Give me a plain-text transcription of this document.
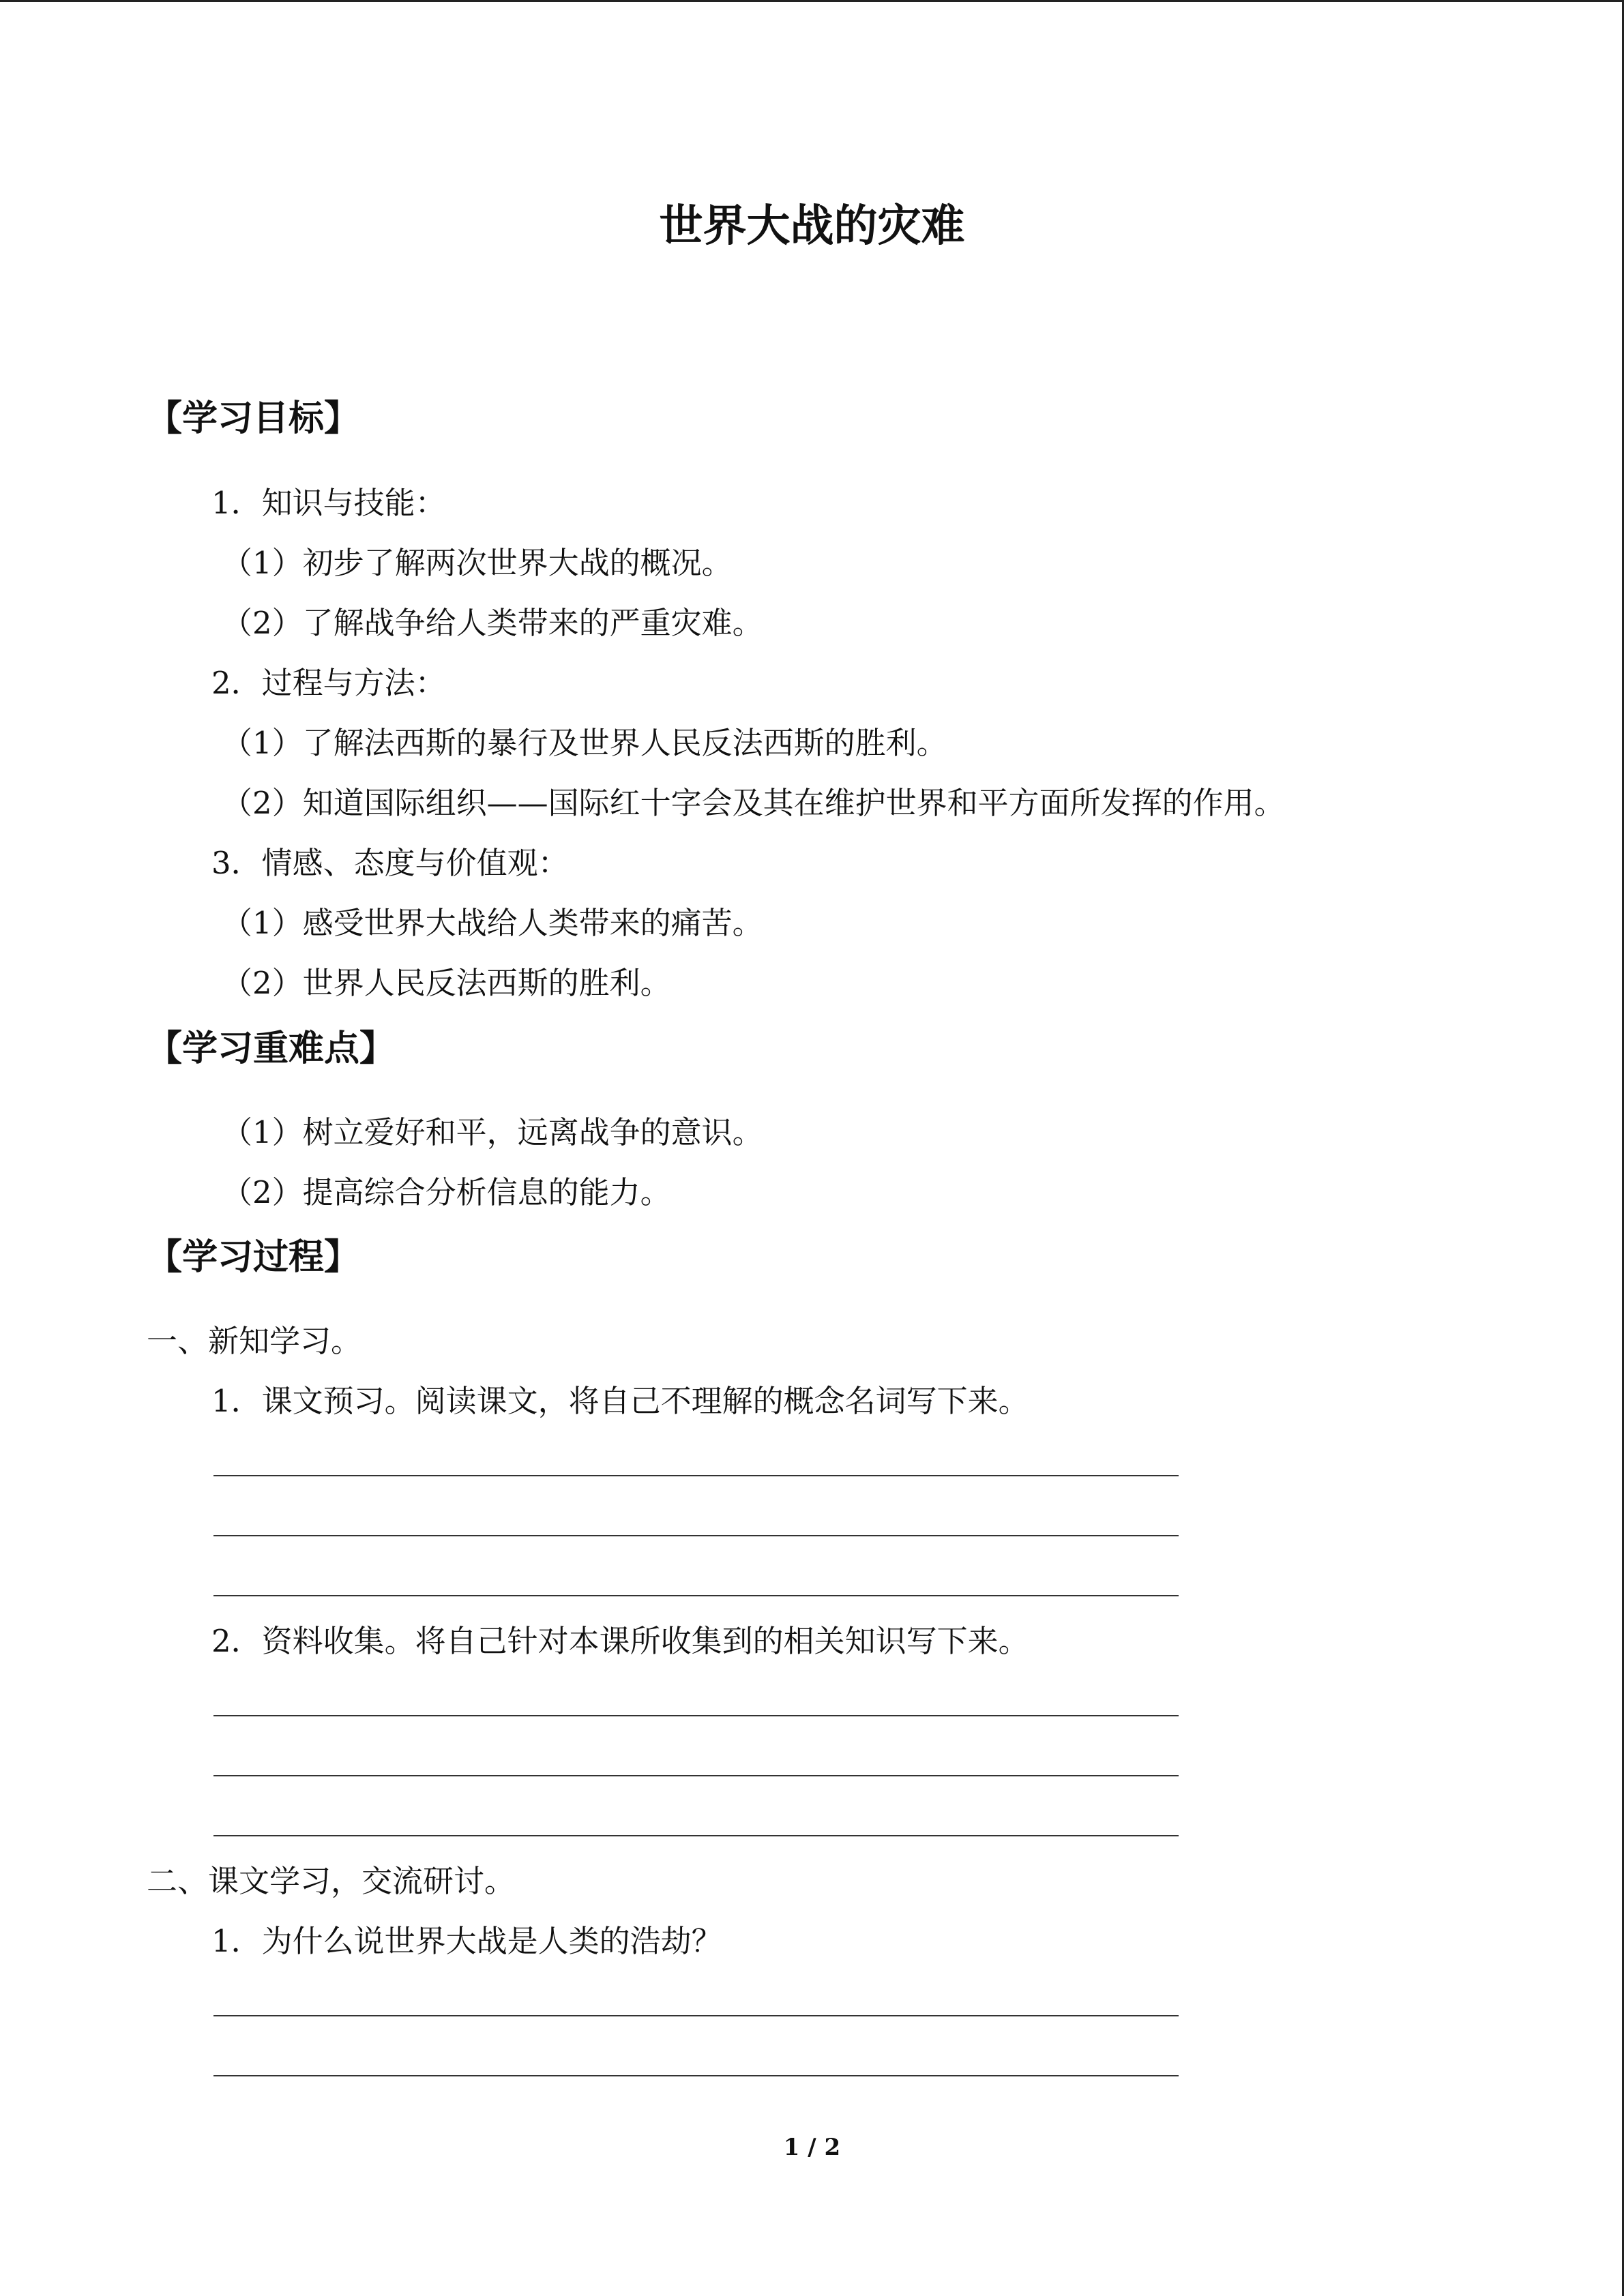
世界大战的灾难
【学习目标】
1．知识与技能：
（1）初步了解两次世界大战的概况。
（2）了解战争给人类带来的严重灾难。
2．过程与方法：
（1）了解法西斯的暴行及世界人民反法西斯的胜利。
（2）知道国际组织——国际红十字会及其在维护世界和平方面所发挥的作用。
3．情感、态度与价值观：
（1）感受世界大战给人类带来的痛苦。
（2）世界人民反法西斯的胜利。
【学习重难点】
（1）树立爱好和平，远离战争的意识。
（2）提高综合分析信息的能力。
【学习过程】
一、新知学习。
1．课文预习。阅读课文，将自己不理解的概念名词写下来。
2．资料收集。将自己针对本课所收集到的相关知识写下来。
二、课文学习，交流研讨。
1．为什么说世界大战是人类的浩劫？
1 / 2
